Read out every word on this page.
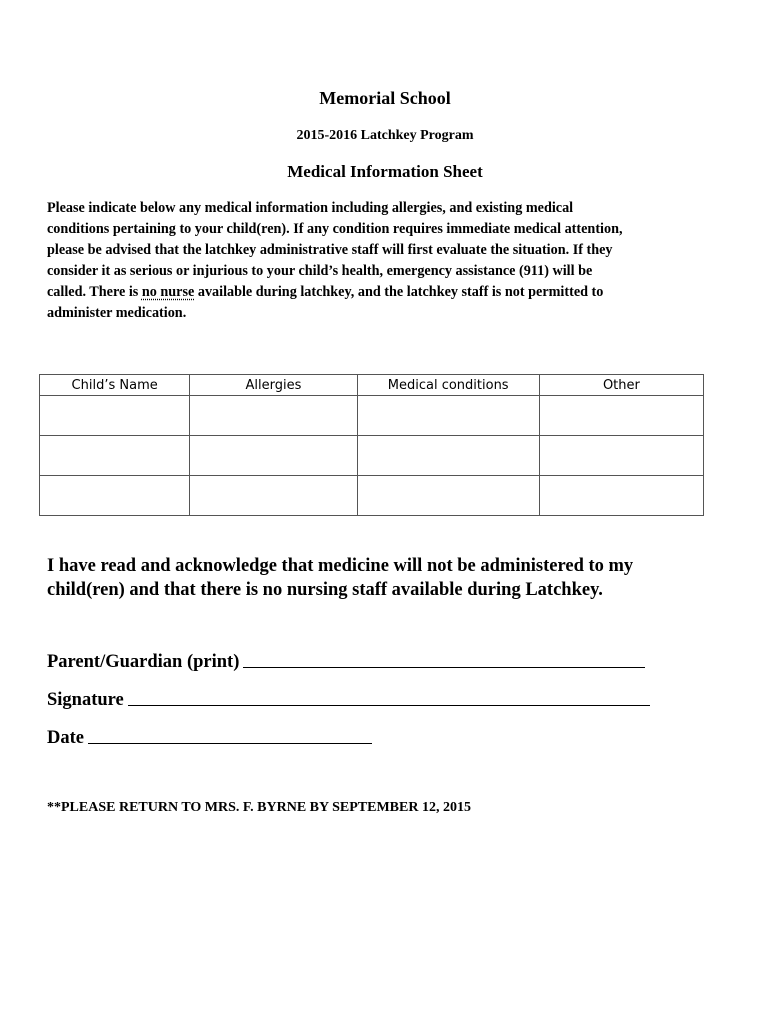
Memorial School
2015-2016 Latchkey Program
Medical Information Sheet
Please indicate below any medical information including allergies, and existing medical
conditions pertaining to your child(ren). If any condition requires immediate medical attention,
please be advised that the latchkey administrative staff will first evaluate the situation. If they
consider it as serious or injurious to your child’s health, emergency assistance (911) will be
called. There is no nurse available during latchkey, and the latchkey staff is not permitted to
administer medication.
Child’s Name	Allergies	Medical conditions	Other

I have read and acknowledge that medicine will not be administered to my
child(ren) and that there is no nursing staff available during Latchkey.
Parent/Guardian (print)
Signature
Date
**PLEASE RETURN TO MRS. F. BYRNE BY SEPTEMBER 12, 2015
